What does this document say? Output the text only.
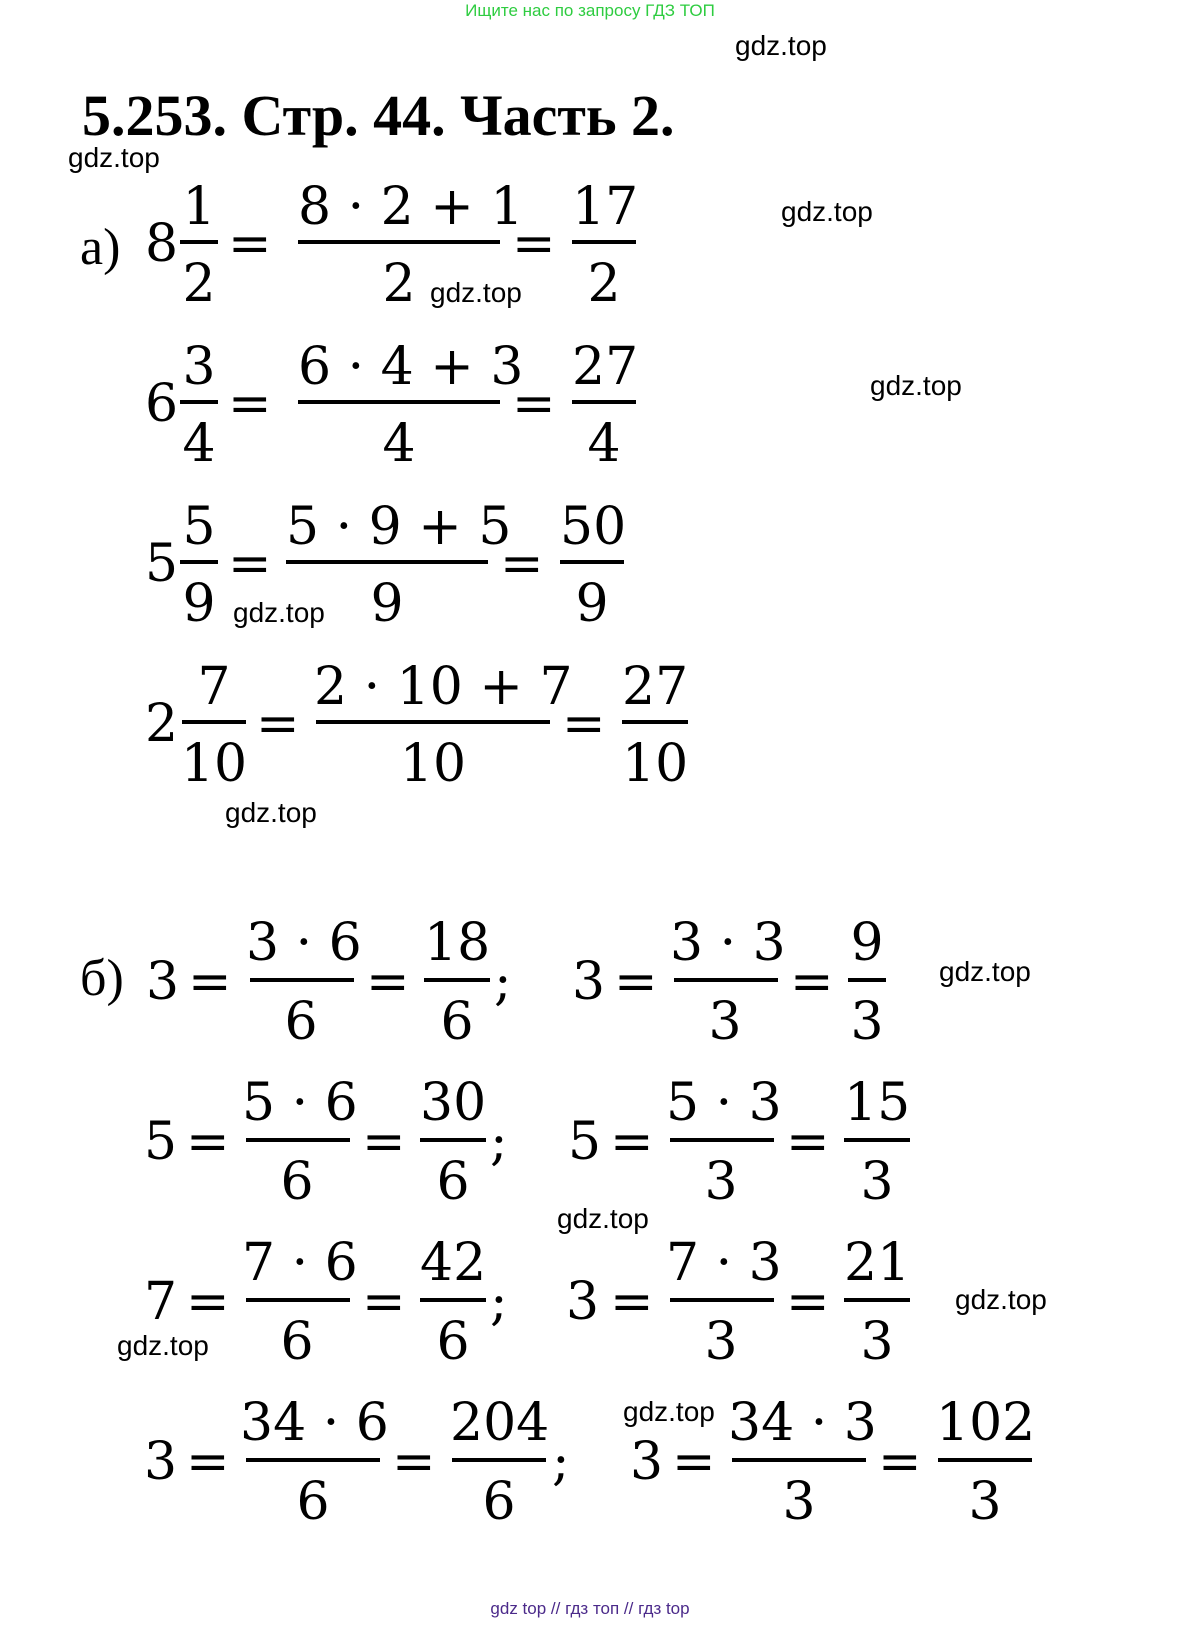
Ищите нас по запросу ГДЗ ТОП
5.253. Стр. 44. Часть 2.
gdz top // гдз топ // гдз top
gdz.top
gdz.top
gdz.top
gdz.top
gdz.top
gdz.top
gdz.top
gdz.top
gdz.top
gdz.top
gdz.top
gdz.top
а)
б)
8
1
2
=
8 · 2 + 1
2
=
17
2
6
3
4
=
6 · 4 + 3
4
=
27
4
5
5
9
=
5 · 9 + 5
9
=
50
9
2
7
10
=
2 · 10 + 7
10
=
27
10
3 =
3 · 6
6
=
18
6
; 3 =
3 · 3
3
=
9
3
5 =
5 · 6
6
=
30
6
; 5 =
5 · 3
3
=
15
3
7 =
7 · 6
6
=
42
6
; 3 =
7 · 3
3
=
21
3
3 =
34 · 6
6
=
204
6
; 3 =
34 · 3
3
=
102
3
